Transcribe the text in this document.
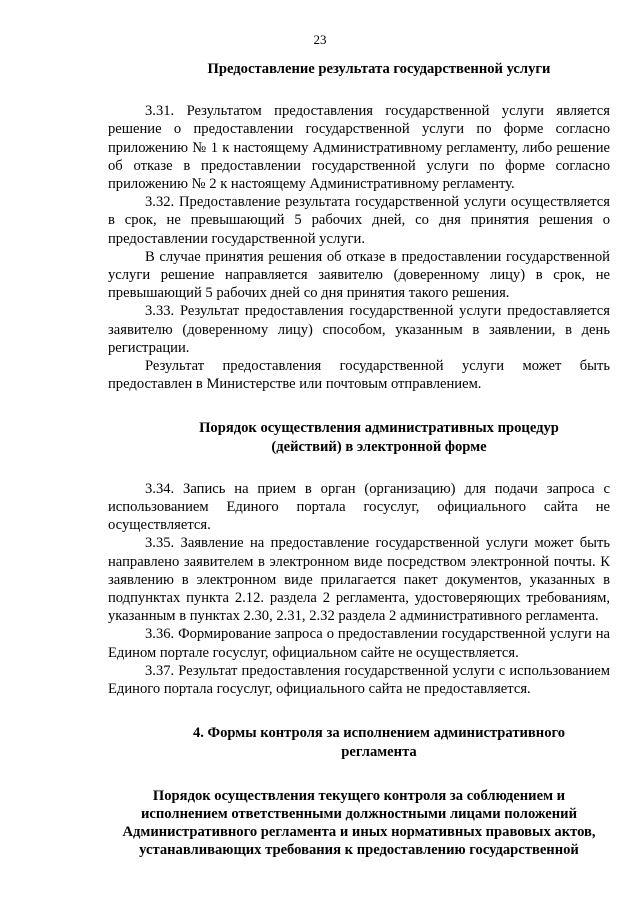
23
Предоставление результата государственной услуги

3.31. Результатом предоставления государственной услуги является решение о предоставлении государственной услуги по форме согласно приложению № 1 к настоящему Административному регламенту, либо решение об отказе в предоставлении государственной услуги по форме согласно приложению № 2 к настоящему Административному регламенту.

3.32. Предоставление результата государственной услуги осуществляется в срок, не превышающий 5 рабочих дней, со дня принятия решения о предоставлении государственной услуги.

В случае принятия решения об отказе в предоставлении государственной услуги решение направляется заявителю (доверенному лицу) в срок, не превышающий 5 рабочих дней со дня принятия такого решения.

3.33. Результат предоставления государственной услуги предоставляется заявителю (доверенному лицу) способом, указанным в заявлении, в день регистрации.

Результат предоставления государственной услуги может быть предоставлен в Министерстве или почтовым отправлением.

Порядок осуществления административных процедур
(действий) в электронной форме

3.34. Запись на прием в орган (организацию) для подачи запроса с использованием Единого портала госуслуг, официального сайта не осуществляется.

3.35. Заявление на предоставление государственной услуги может быть направлено заявителем в электронном виде посредством электронной почты. К заявлению в электронном виде прилагается пакет документов, указанных в подпунктах пункта 2.12. раздела 2 регламента, удостоверяющих требованиям, указанным в пунктах 2.30, 2.31, 2.32 раздела 2 административного регламента.

3.36. Формирование запроса о предоставлении государственной услуги на Едином портале госуслуг, официальном сайте не осуществляется.

3.37. Результат предоставления государственной услуги с использованием Единого портала госуслуг, официального сайта не предоставляется.

4. Формы контроля за исполнением административного
регламента
Порядок осуществления текущего контроля за соблюдением и
исполнением ответственными должностными лицами положений
Административного регламента и иных нормативных правовых актов,
устанавливающих требования к предоставлению государственной
